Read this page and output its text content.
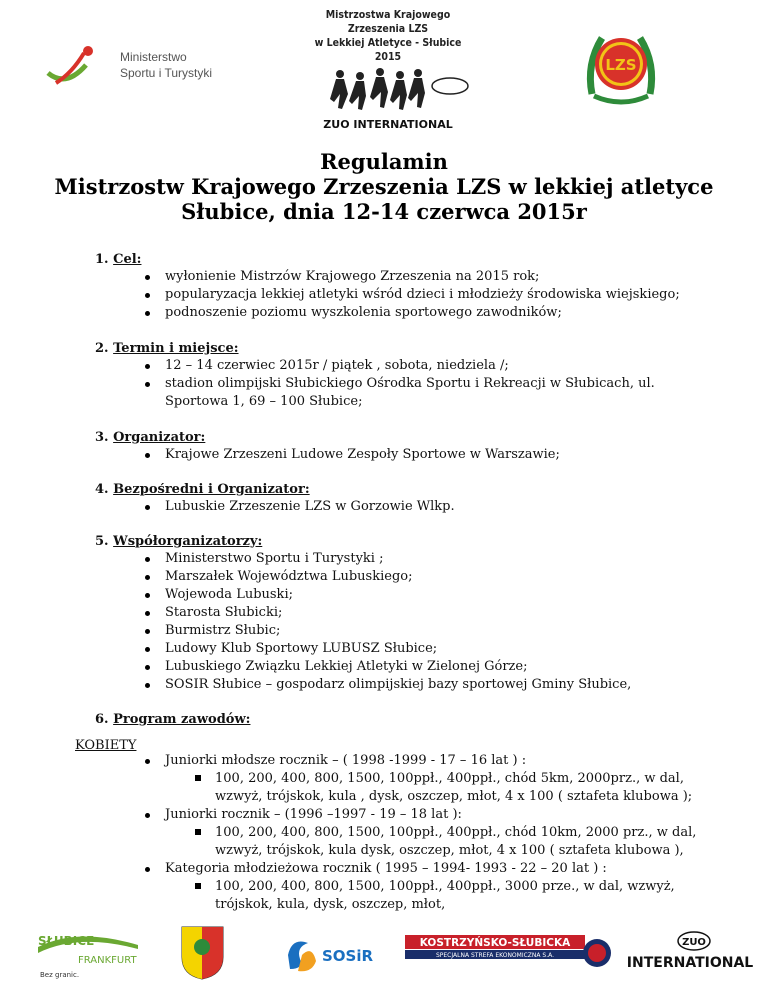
Ministerstwo
Sportu i Turystyki
Mistrzostwa Krajowego Zrzeszenia LZS
w Lekkiej Atletyce - Słubice 2015
ZUO INTERNATIONAL
LZS
Regulamin
Mistrzostw Krajowego Zrzeszenia LZS w lekkiej atletyce
Słubice, dnia 12-14 czerwca 2015r
1. Cel:
wyłonienie Mistrzów Krajowego Zrzeszenia na 2015 rok;
popularyzacja lekkiej atletyki wśród dzieci i młodzieży środowiska wiejskiego;
podnoszenie poziomu wyszkolenia sportowego zawodników;
2. Termin i miejsce:
12 – 14 czerwiec 2015r / piątek , sobota, niedziela /;
stadion olimpijski Słubickiego Ośrodka Sportu i Rekreacji w Słubicach, ul.
Sportowa 1, 69 – 100 Słubice;
3. Organizator:
Krajowe Zrzeszeni Ludowe Zespoły Sportowe w Warszawie;
4. Bezpośredni i Organizator:
Lubuskie Zrzeszenie LZS w Gorzowie Wlkp.
5. Współorganizatorzy:
Ministerstwo Sportu i Turystyki ;
Marszałek Województwa Lubuskiego;
Wojewoda Lubuski;
Starosta Słubicki;
Burmistrz Słubic;
Ludowy Klub Sportowy LUBUSZ Słubice;
Lubuskiego Związku Lekkiej Atletyki w Zielonej Górze;
SOSIR Słubice – gospodarz olimpijskiej bazy sportowej Gminy Słubice,
6. Program zawodów:
KOBIETY
Juniorki młodsze rocznik – ( 1998 -1999 - 17 – 16 lat ) :
100, 200, 400, 800, 1500, 100ppł., 400ppł., chód 5km, 2000prz., w dal,
wzwyż, trójskok, kula , dysk, oszczep, młot, 4 x 100 ( sztafeta klubowa );
Juniorki rocznik – (1996 –1997 - 19 – 18 lat ):
100, 200, 400, 800, 1500, 100ppł., 400ppł., chód 10km, 2000 prz., w dal,
wzwyż, trójskok, kula dysk, oszczep, młot, 4 x 100 ( sztafeta klubowa ),
Kategoria młodzieżowa rocznik ( 1995 – 1994- 1993 - 22 – 20 lat ) :
100, 200, 400, 800, 1500, 100ppł., 400ppł., 3000 prze., w dal, wzwyż,
trójskok, kula, dysk, oszczep, młot,
SŁUBICE
FRANKFURT
Bez granic.
SOSiR
KOSTRZYŃSKO-SŁUBICKA
SPECJALNA STREFA EKONOMICZNA S.A.
ZUO
INTERNATIONAL
